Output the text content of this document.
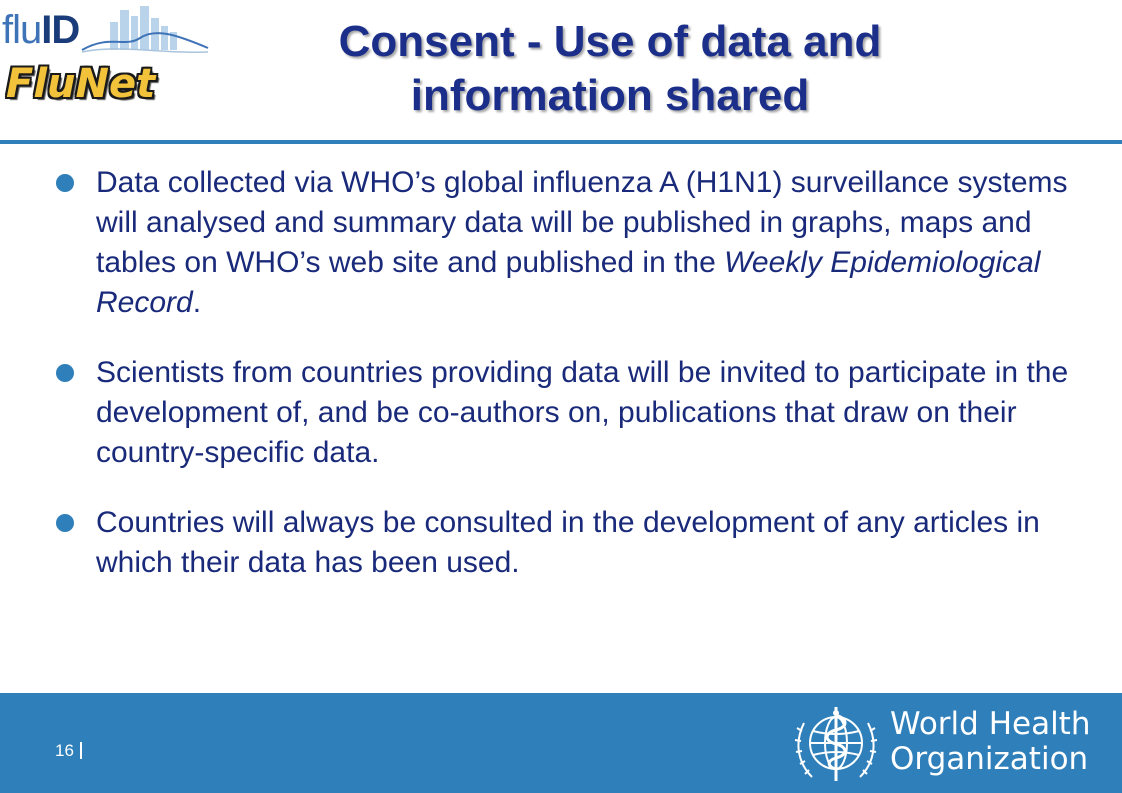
fluID
FluNet
Consent - Use of data and
information shared
Data collected via WHO’s global influenza A (H1N1) surveillance systems will analysed and summary data will be published in graphs, maps and tables on WHO’s web site and published in the Weekly Epidemiological Record.
Scientists from countries providing data will be invited to participate in the development of, and be co-authors on, publications that draw on their country-specific data.
Countries will always be consulted in the development of any articles in which their data has been used.
16
World Health
Organization
